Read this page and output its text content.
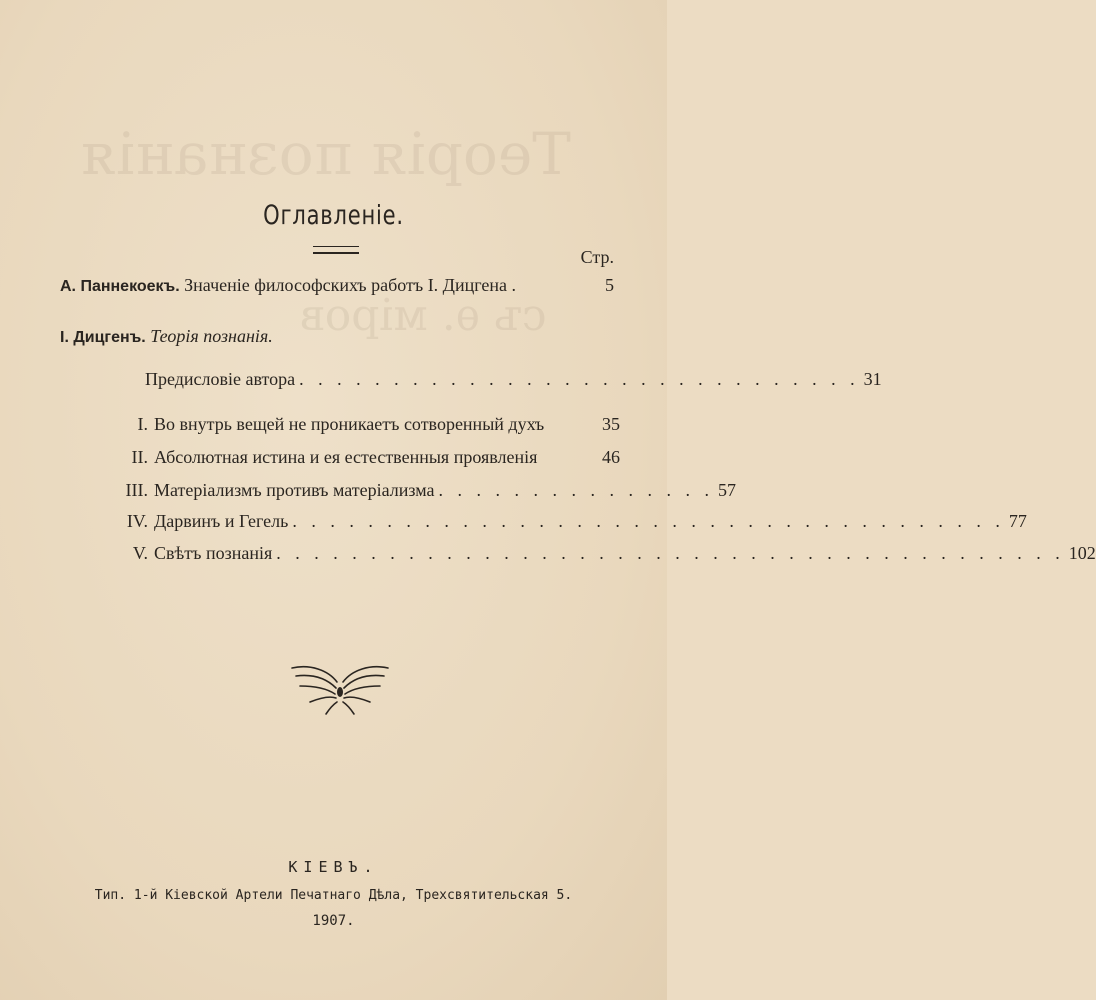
Теорія познанія
съ ѳ. міров
Оглавленіе.
Стр.
А. Паннекоекъ. Значеніе философскихъ работъ І. Дицгена .	5
І. Дицгенъ. Теорія познанія.
Предисловіе автора . . . . . . . . . . . . . . . . . . . . . . . . . . . . . . 31
I. Во внутрь вещей не проникаетъ сотворенный духъ	35
II. Абсолютная истина и ея естественныя проявленія	46
III. Матеріализмъ противъ матеріализма . . . . . . . . . . . . . . . 57
IV. Дарвинъ и Гегель . . . . . . . . . . . . . . . . . . . . . . . . . . . . . . . . . . . . . . 77
V. Свѣтъ познанія . . . . . . . . . . . . . . . . . . . . . . . . . . . . . . . . . . . . . . . . . . 102
КІЕВЪ.
Тип. 1-й Кіевской Артели Печатнаго Дѣла, Трехсвятительская 5.
1907.
